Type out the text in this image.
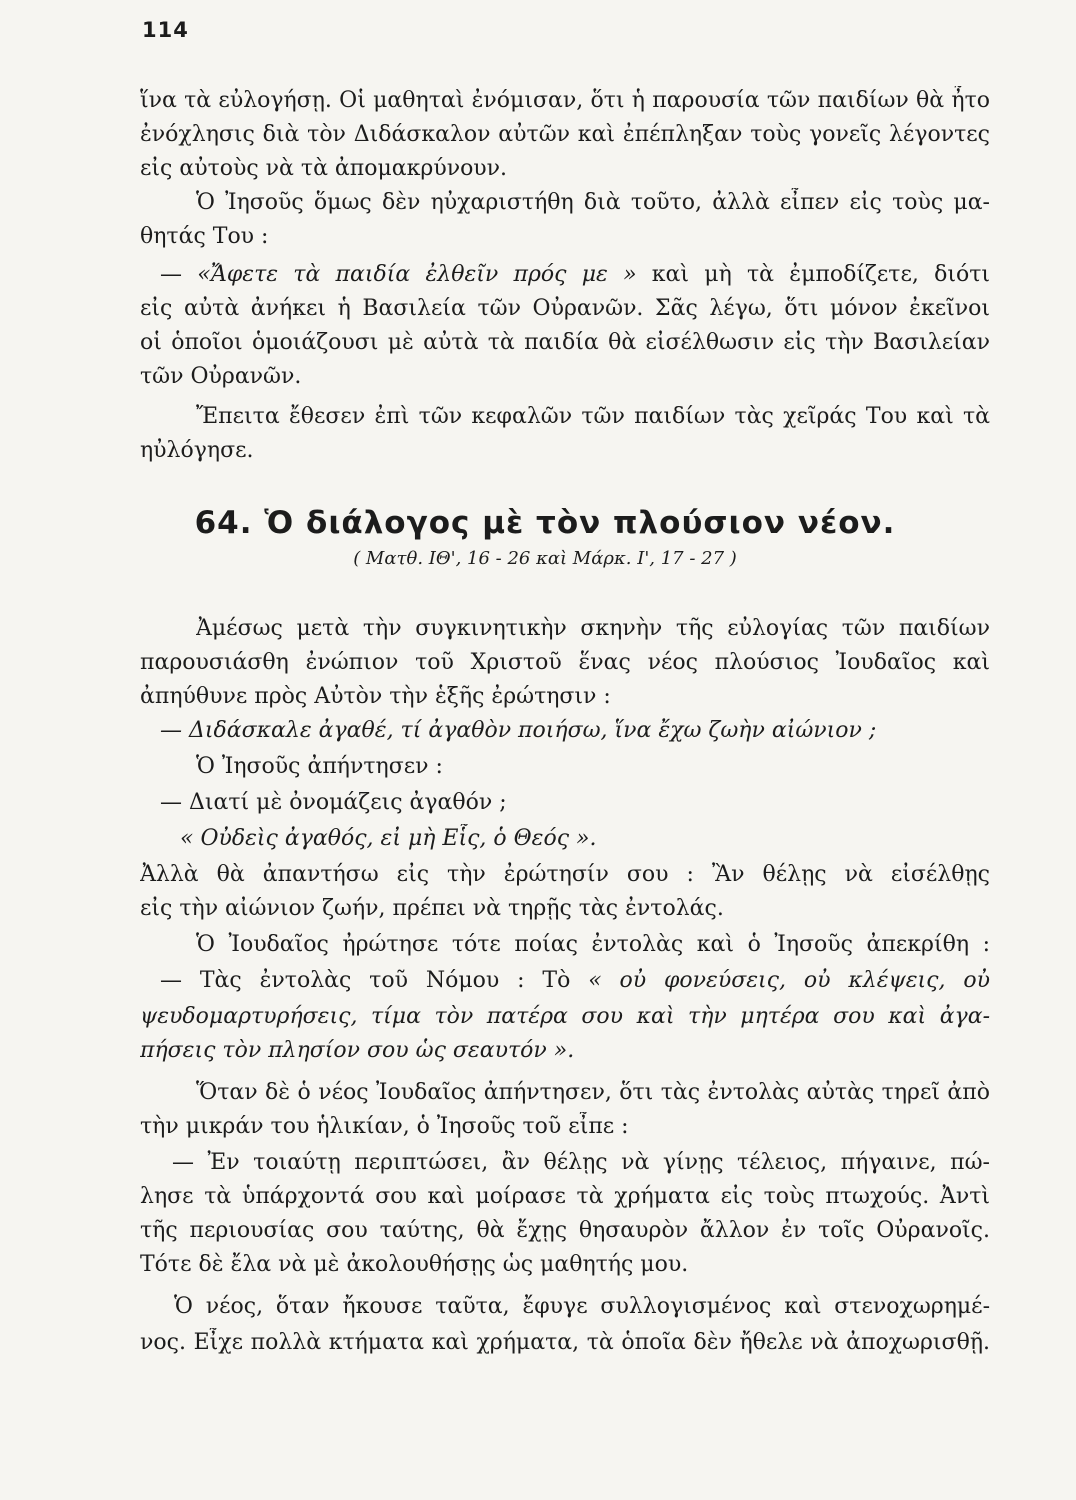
114
ἵνα τὰ εὐλογήσῃ. Οἱ μαθηταὶ ἐνόμισαν, ὅτι ἡ παρουσία τῶν παιδίων θὰ ἦτο
ἐνόχλησις διὰ τὸν Διδάσκαλον αὐτῶν καὶ ἐπέπληξαν τοὺς γονεῖς λέγοντες
εἰς αὐτοὺς νὰ τὰ ἀπομακρύνουν.
Ὁ Ἰησοῦς ὅμως δὲν ηὐχαριστήθη διὰ τοῦτο, ἀλλὰ εἶπεν εἰς τοὺς μα-
θητάς Του :
— «Ἄφετε τὰ παιδία ἐλθεῖν πρός με » καὶ μὴ τὰ ἐμποδίζετε, διότι
εἰς αὐτὰ ἀνήκει ἡ Βασιλεία τῶν Οὐρανῶν. Σᾶς λέγω, ὅτι μόνον ἐκεῖνοι
οἱ ὁποῖοι ὁμοιάζουσι μὲ αὐτὰ τὰ παιδία θὰ εἰσέλθωσιν εἰς τὴν Βασιλείαν
τῶν Οὐρανῶν.
Ἔπειτα ἔθεσεν ἐπὶ τῶν κεφαλῶν τῶν παιδίων τὰς χεῖράς Του καὶ τὰ
ηὐλόγησε.
64. Ὁ διάλογος μὲ τὸν πλούσιον νέον.
( Ματθ. ΙΘ', 16 - 26 καὶ Μάρκ. Ι', 17 - 27 )
Ἀμέσως μετὰ τὴν συγκινητικὴν σκηνὴν τῆς εὐλογίας τῶν παιδίων
παρουσιάσθη ἐνώπιον τοῦ Χριστοῦ ἕνας νέος πλούσιος Ἰουδαῖος καὶ
ἀπηύθυνε πρὸς Αὐτὸν τὴν ἑξῆς ἐρώτησιν :
— Διδάσκαλε ἀγαθέ, τί ἀγαθὸν ποιήσω, ἵνα ἔχω ζωὴν αἰώνιον ;
Ὁ Ἰησοῦς ἀπήντησεν :
— Διατί μὲ ὀνομάζεις ἀγαθόν ;
« Οὐδεὶς ἀγαθός, εἰ μὴ Εἷς, ὁ Θεός ».
Ἀλλὰ θὰ ἀπαντήσω εἰς τὴν ἐρώτησίν σου : Ἂν θέλῃς νὰ εἰσέλθῃς
εἰς τὴν αἰώνιον ζωήν, πρέπει νὰ τηρῇς τὰς ἐντολάς.
Ὁ Ἰουδαῖος ἠρώτησε τότε ποίας ἐντολὰς καὶ ὁ Ἰησοῦς ἀπεκρίθη :
— Τὰς ἐντολὰς τοῦ Νόμου : Τὸ « οὐ φονεύσεις, οὐ κλέψεις, οὐ
ψευδομαρτυρήσεις, τίμα τὸν πατέρα σου καὶ τὴν μητέρα σου καὶ ἀγα-
πήσεις τὸν πλησίον σου ὡς σεαυτόν ».
Ὅταν δὲ ὁ νέος Ἰουδαῖος ἀπήντησεν, ὅτι τὰς ἐντολὰς αὐτὰς τηρεῖ ἀπὸ
τὴν μικράν του ἡλικίαν, ὁ Ἰησοῦς τοῦ εἶπε :
— Ἐν τοιαύτῃ περιπτώσει, ἂν θέλῃς νὰ γίνῃς τέλειος, πήγαινε, πώ-
λησε τὰ ὑπάρχοντά σου καὶ μοίρασε τὰ χρήματα εἰς τοὺς πτωχούς. Ἀντὶ
τῆς περιουσίας σου ταύτης, θὰ ἔχῃς θησαυρὸν ἄλλον ἐν τοῖς Οὐρανοῖς.
Τότε δὲ ἔλα νὰ μὲ ἀκολουθήσῃς ὡς μαθητής μου.
Ὁ νέος, ὅταν ἤκουσε ταῦτα, ἔφυγε συλλογισμένος καὶ στενοχωρημέ-
νος. Εἶχε πολλὰ κτήματα καὶ χρήματα, τὰ ὁποῖα δὲν ἤθελε νὰ ἀποχωρισθῇ.
